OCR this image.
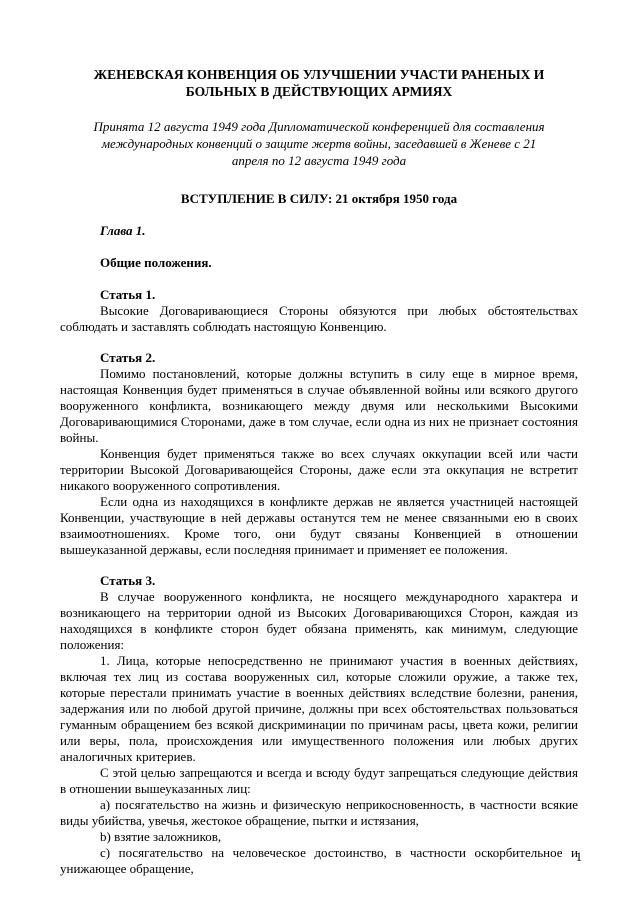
ЖЕНЕВСКАЯ КОНВЕНЦИЯ ОБ УЛУЧШЕНИИ УЧАСТИ РАНЕНЫХ И БОЛЬНЫХ В ДЕЙСТВУЮЩИХ АРМИЯХ

Принята 12 августа 1949 года Дипломатической конференцией для составления международных конвенций о защите жертв войны, заседавшей в Женеве с 21 апреля по 12 августа 1949 года

ВСТУПЛЕНИЕ В СИЛУ: 21 октября 1950 года

Глава 1.

Общие положения.

Статья 1.

Высокие Договаривающиеся Стороны обязуются при любых обстоятельствах соблюдать и заставлять соблюдать настоящую Конвенцию.

Статья 2.

Помимо постановлений, которые должны вступить в силу еще в мирное время, настоящая Конвенция будет применяться в случае объявленной войны или всякого другого вооруженного конфликта, возникающего между двумя или несколькими Высокими Договаривающимися Сторонами, даже в том случае, если одна из них не признает состояния войны.

Конвенция будет применяться также во всех случаях оккупации всей или части территории Высокой Договаривающейся Стороны, даже если эта оккупация не встретит никакого вооруженного сопротивления.

Если одна из находящихся в конфликте держав не является участницей настоящей Конвенции, участвующие в ней державы останутся тем не менее связанными ею в своих взаимоотношениях. Кроме того, они будут связаны Конвенцией в отношении вышеуказанной державы, если последняя принимает и применяет ее положения.

Статья 3.

В случае вооруженного конфликта, не носящего международного характера и возникающего на территории одной из Высоких Договаривающихся Сторон, каждая из находящихся в конфликте сторон будет обязана применять, как минимум, следующие положения:

1. Лица, которые непосредственно не принимают участия в военных действиях, включая тех лиц из состава вооруженных сил, которые сложили оружие, а также тех, которые перестали принимать участие в военных действиях вследствие болезни, ранения, задержания или по любой другой причине, должны при всех обстоятельствах пользоваться гуманным обращением без всякой дискриминации по причинам расы, цвета кожи, религии или веры, пола, происхождения или имущественного положения или любых других аналогичных критериев.

С этой целью запрещаются и всегда и всюду будут запрещаться следующие действия в отношении вышеуказанных лиц:

a) посягательство на жизнь и физическую неприкосновенность, в частности всякие виды убийства, увечья, жестокое обращение, пытки и истязания,

b) взятие заложников,

c) посягательство на человеческое достоинство, в частности оскорбительное и унижающее обращение,

1
